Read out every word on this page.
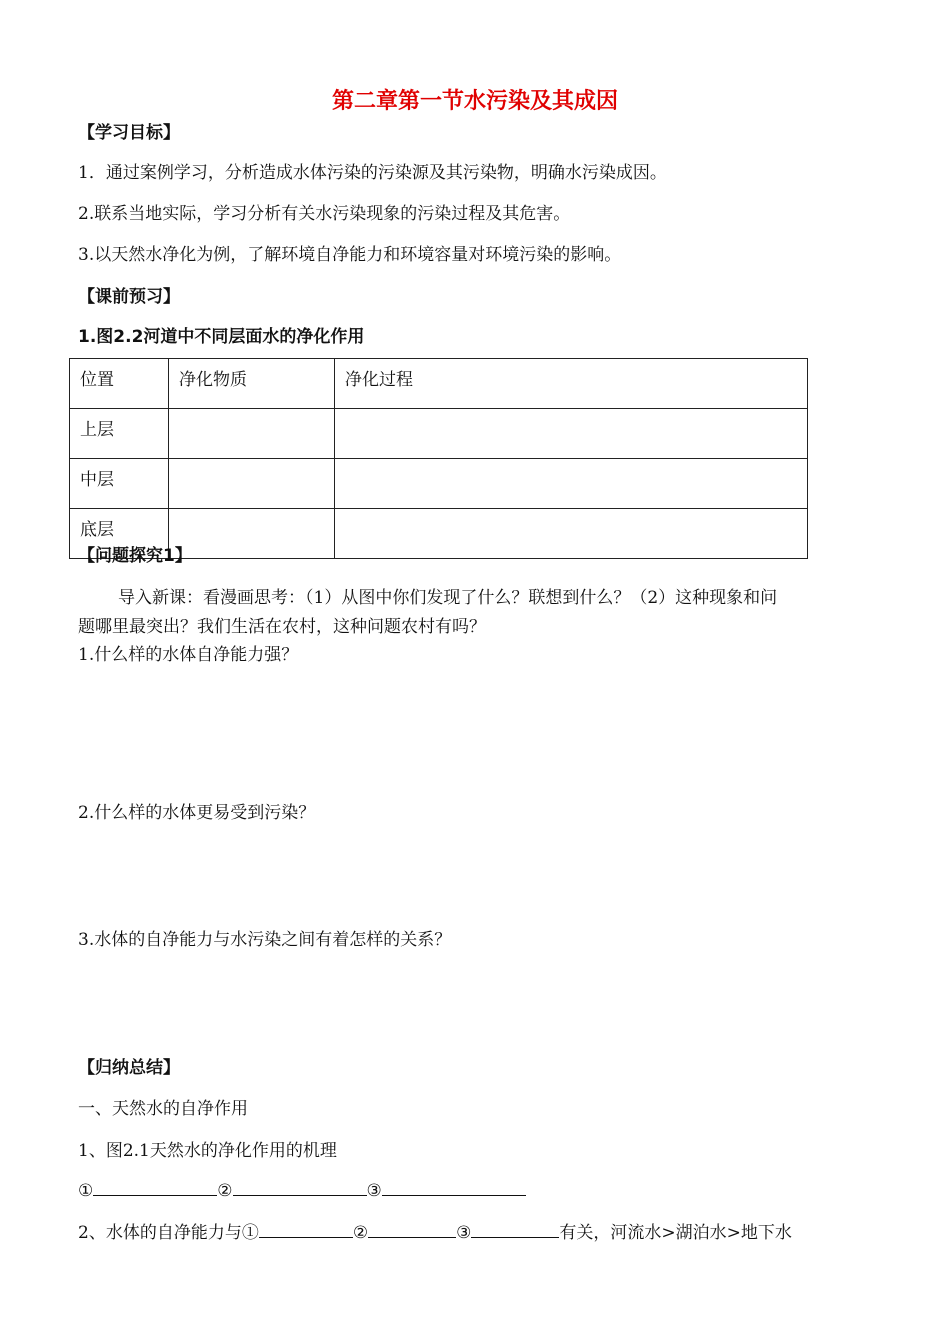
第二章第一节水污染及其成因
【学习目标】
1．通过案例学习，分析造成水体污染的污染源及其污染物，明确水污染成因。
2.联系当地实际，学习分析有关水污染现象的污染过程及其危害。
3.以天然水净化为例，了解环境自净能力和环境容量对环境污染的影响。
【课前预习】
1.图2.2河道中不同层面水的净化作用
位置	净化物质	净化过程
上层		
中层		
底层		
【问题探究1】
导入新课：看漫画思考：（1）从图中你们发现了什么？联想到什么？（2）这种现象和问
题哪里最突出？我们生活在农村，这种问题农村有吗？
1.什么样的水体自净能力强？
2.什么样的水体更易受到污染？
3.水体的自净能力与水污染之间有着怎样的关系？
【归纳总结】
一、天然水的自净作用
1、图2.1天然水的净化作用的机理
①	②	③
2、水体的自净能力与①	②	③	有关，河流水>湖泊水>地下水
